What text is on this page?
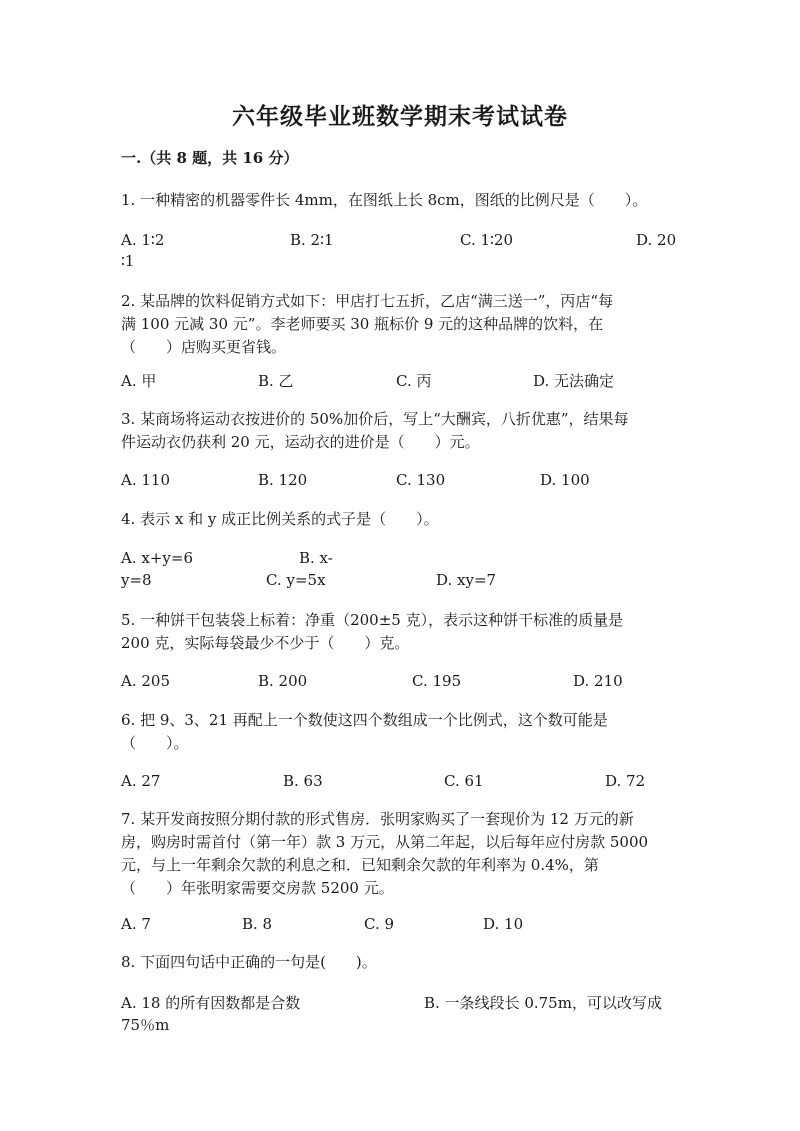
六年级毕业班数学期末考试试卷
一.（共 8 题，共 16 分）
1. 一种精密的机器零件长 4mm，在图纸上长 8cm，图纸的比例尺是（　　）。
A. 1∶2	B. 2∶1	C. 1∶20	D. 20
∶1
2. 某品牌的饮料促销方式如下：甲店打七五折，乙店“满三送一”，丙店“每
满 100 元减 30 元”。李老师要买 30 瓶标价 9 元的这种品牌的饮料，在
（　　）店购买更省钱。
A. 甲	B. 乙	C. 丙	D. 无法确定
3. 某商场将运动衣按进价的 50%加价后，写上“大酬宾，八折优惠”，结果每
件运动衣仍获利 20 元，运动衣的进价是（　　）元。
A. 110	B. 120	C. 130	D. 100
4. 表示 x 和 y 成正比例关系的式子是（　　）。
A. x+y=6	B. x-
y=8	C. y=5x	D. xy=7
5. 一种饼干包装袋上标着：净重（200±5 克），表示这种饼干标准的质量是
200 克，实际每袋最少不少于（　　）克。
A. 205	B. 200	C. 195	D. 210
6. 把 9、3、21 再配上一个数使这四个数组成一个比例式，这个数可能是
（　　）。
A. 27	B. 63	C. 61	D. 72
7. 某开发商按照分期付款的形式售房．张明家购买了一套现价为 12 万元的新
房，购房时需首付（第一年）款 3 万元，从第二年起，以后每年应付房款 5000
元，与上一年剩余欠款的利息之和．已知剩余欠款的年利率为 0.4%，第
（　　）年张明家需要交房款 5200 元。
A. 7	B. 8	C. 9	D. 10
8. 下面四句话中正确的一句是(　　)。
A. 18 的所有因数都是合数	B. 一条线段长 0.75m，可以改写成
75％m
